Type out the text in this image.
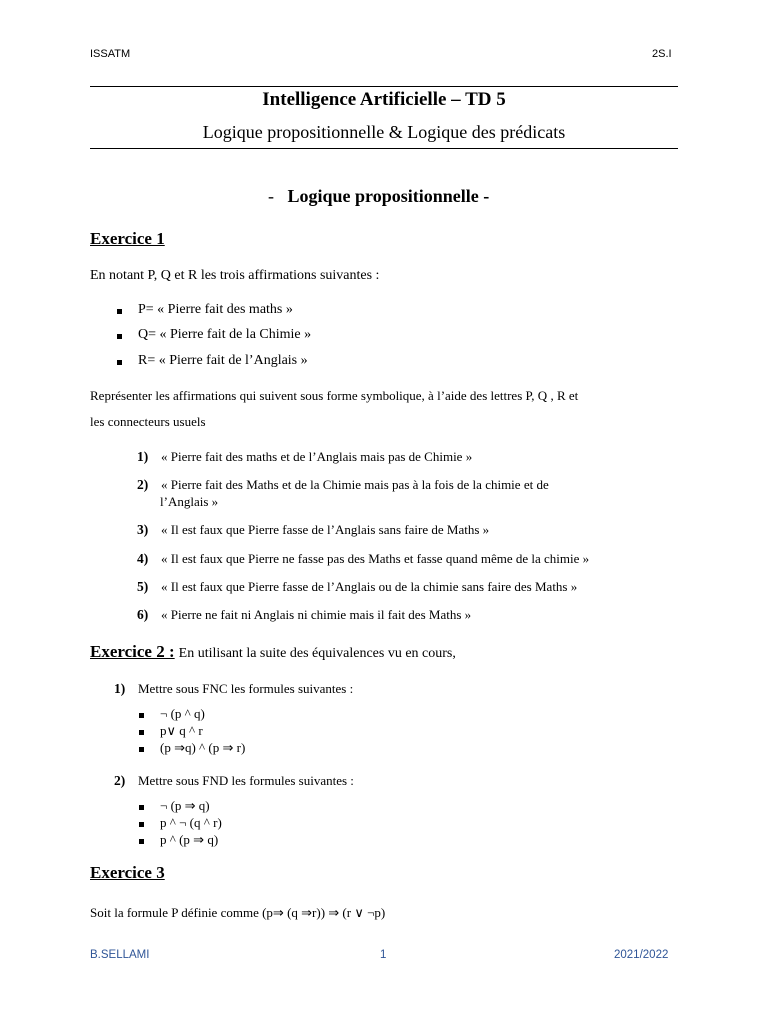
ISSATM	2S.I
Intelligence Artificielle – TD 5
Logique propositionnelle & Logique des prédicats
- Logique propositionnelle -
Exercice 1
En notant P, Q et R les trois affirmations suivantes :
P= « Pierre fait des maths »
Q= « Pierre fait de la Chimie »
R= « Pierre fait de l’Anglais »
Représenter les affirmations qui suivent sous forme symbolique, à l’aide des lettres P, Q , R et
les connecteurs usuels
1) « Pierre fait des maths et de l’Anglais mais pas de Chimie »
2) « Pierre fait des Maths et de la Chimie mais pas à la fois de la chimie et de
l’Anglais »
3) « Il est faux que Pierre fasse de l’Anglais sans faire de Maths »
4) « Il est faux que Pierre ne fasse pas des Maths et fasse quand même de la chimie »
5) « Il est faux que Pierre fasse de l’Anglais ou de la chimie sans faire des Maths »
6) « Pierre ne fait ni Anglais ni chimie mais il fait des Maths »
Exercice 2 : En utilisant la suite des équivalences vu en cours,
1) Mettre sous FNC les formules suivantes :
¬ (p ^ q)
p∨ q ^ r
(p ⇒q) ^ (p ⇒ r)
2) Mettre sous FND les formules suivantes :
¬ (p ⇒ q)
p ^ ¬ (q ^ r)
p ^ (p ⇒ q)
Exercice 3
Soit la formule P définie comme (p⇒ (q ⇒r)) ⇒ (r ∨ ¬p)
B.SELLAMI	1	2021/2022
